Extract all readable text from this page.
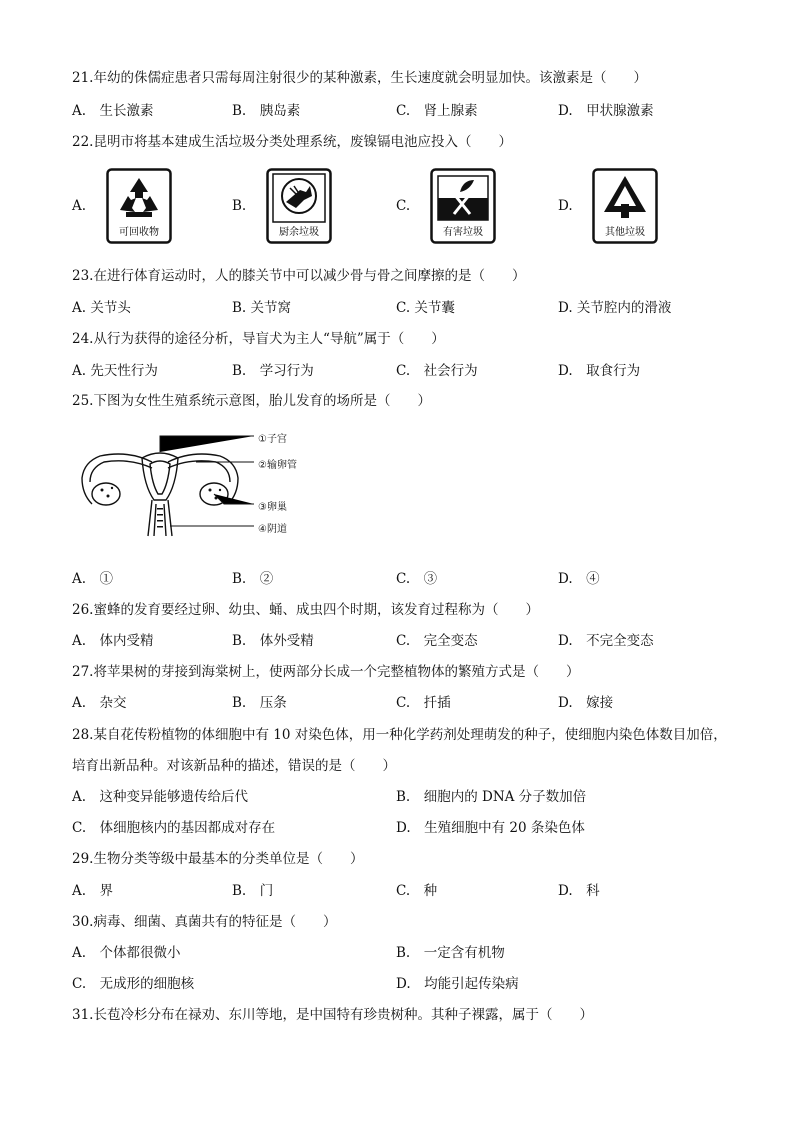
21.年幼的侏儒症患者只需每周注射很少的某种激素，生长速度就会明显加快。该激素是（　　）
A.　生长激素	B.　胰岛素	C.　肾上腺素	D.　甲状腺激素
22.昆明市将基本建成生活垃圾分类处理系统，废镍镉电池应投入（　　）
A.
可回收物
B.
厨余垃圾
C.
有害垃圾
D.
其他垃圾
23.在进行体育运动时，人的膝关节中可以减少骨与骨之间摩擦的是（　　）
A. 关节头	B. 关节窝	C. 关节囊	D. 关节腔内的滑液
24.从行为获得的途径分析，导盲犬为主人“导航”属于（　　）
A. 先天性行为	B.　学习行为	C.　社会行为	D.　取食行为
25.下图为女性生殖系统示意图，胎儿发育的场所是（　　）
①子宫
②输卵管
③卵巢
④阴道
A.　①	B.　②	C.　③	D.　④
26.蜜蜂的发育要经过卵、幼虫、蛹、成虫四个时期，该发育过程称为（　　）
A.　体内受精	B.　体外受精	C.　完全变态	D.　不完全变态
27.将苹果树的芽接到海棠树上，使两部分长成一个完整植物体的繁殖方式是（　　）
A.　杂交	B.　压条	C.　扦插	D.　嫁接
28.某自花传粉植物的体细胞中有 10 对染色体，用一种化学药剂处理萌发的种子，使细胞内染色体数目加倍，
培育出新品种。对该新品种的描述，错误的是（　　）
A.　这种变异能够遗传给后代	B.　细胞内的 DNA 分子数加倍
C.　体细胞核内的基因都成对存在	D.　生殖细胞中有 20 条染色体
29.生物分类等级中最基本的分类单位是（　　）
A.　界	B.　门	C.　种	D.　科
30.病毒、细菌、真菌共有的特征是（　　）
A.　个体都很微小	B.　一定含有机物
C.　无成形的细胞核	D.　均能引起传染病
31.长苞冷杉分布在禄劝、东川等地，是中国特有珍贵树种。其种子裸露，属于（　　）
